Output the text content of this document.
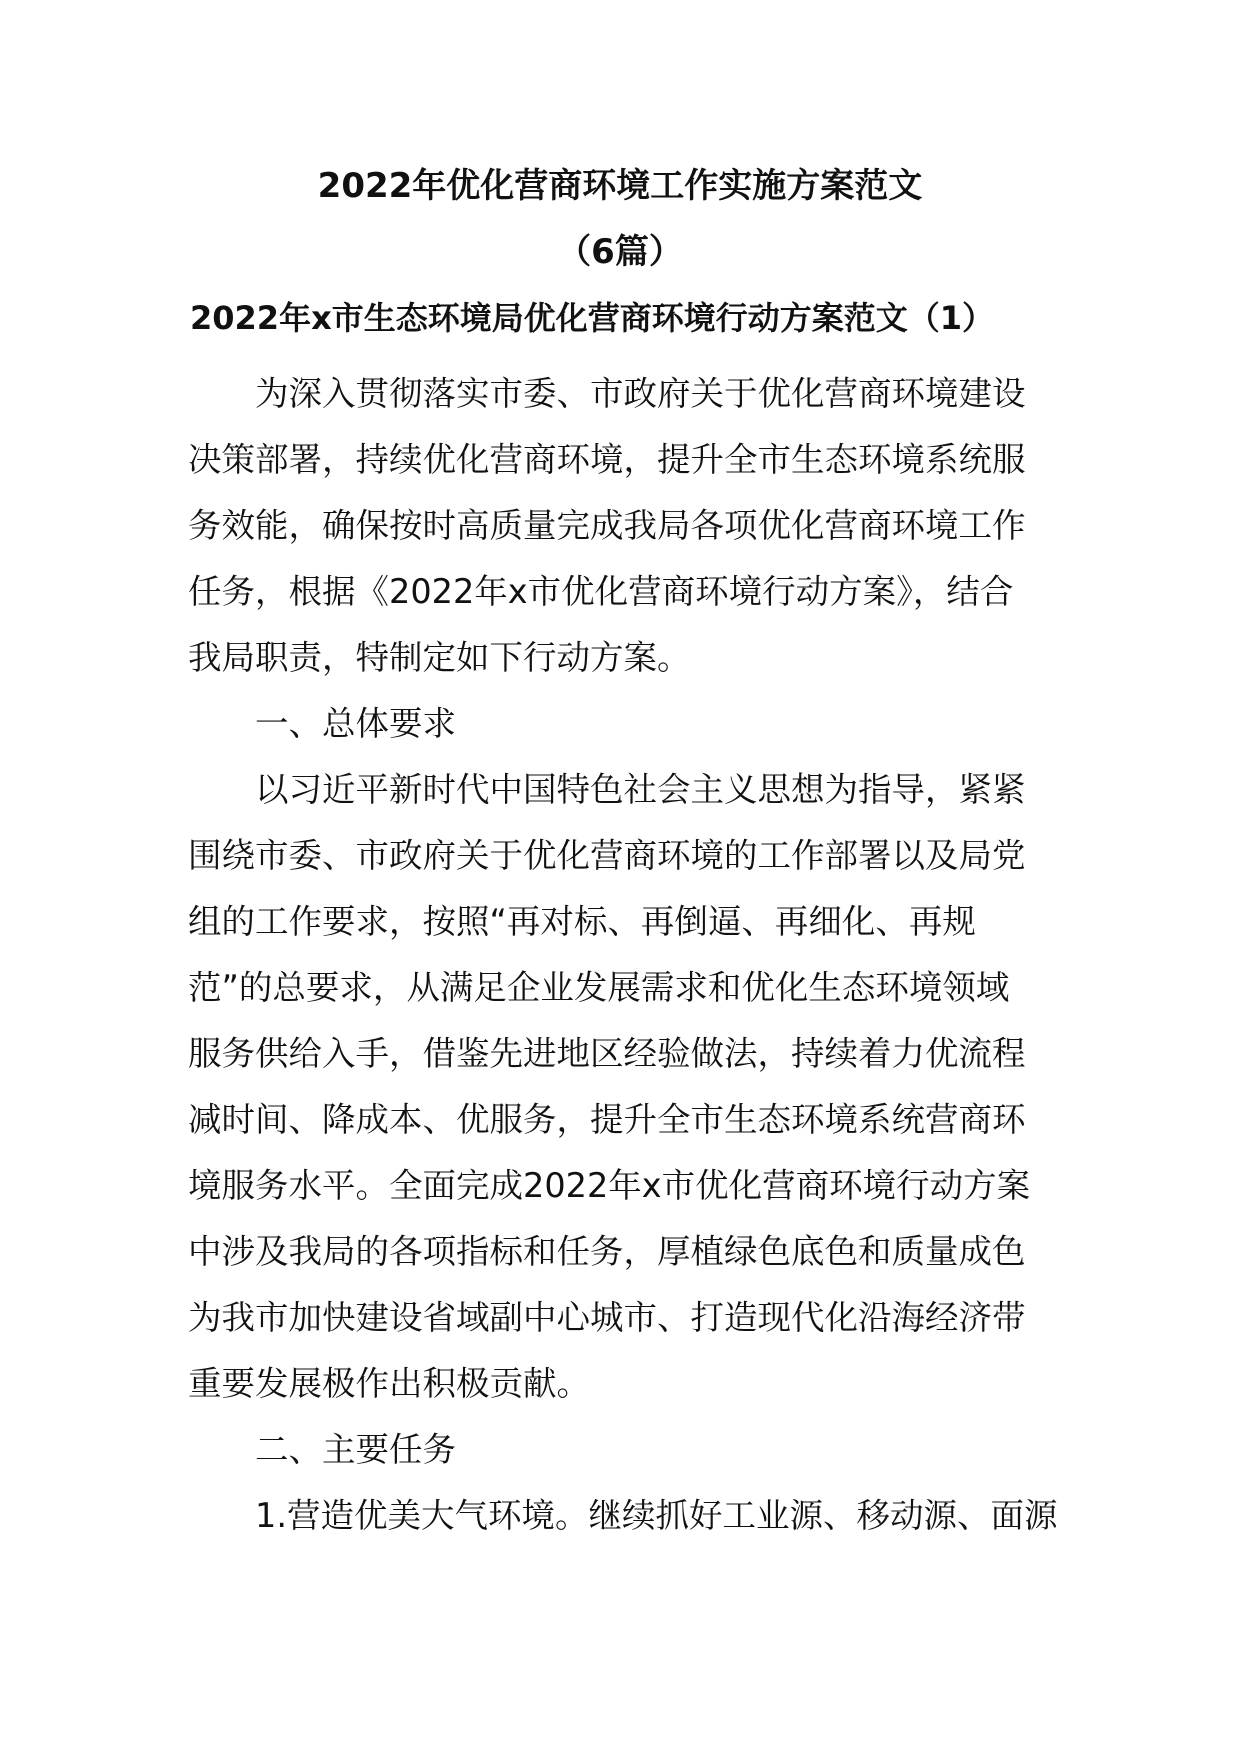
2022年优化营商环境工作实施方案范文
（6篇）
2022年x市生态环境局优化营商环境行动方案范文（1）
　　为深入贯彻落实市委、市政府关于优化营商环境建设
决策部署，持续优化营商环境，提升全市生态环境系统服
务效能，确保按时高质量完成我局各项优化营商环境工作
任务，根据《2022年x市优化营商环境行动方案》，结合
我局职责，特制定如下行动方案。
　　一、总体要求
　　以习近平新时代中国特色社会主义思想为指导，紧紧
围绕市委、市政府关于优化营商环境的工作部署以及局党
组的工作要求，按照“再对标、再倒逼、再细化、再规
范”的总要求，从满足企业发展需求和优化生态环境领域
服务供给入手，借鉴先进地区经验做法，持续着力优流程
减时间、降成本、优服务，提升全市生态环境系统营商环
境服务水平。全面完成2022年x市优化营商环境行动方案
中涉及我局的各项指标和任务，厚植绿色底色和质量成色
为我市加快建设省域副中心城市、打造现代化沿海经济带
重要发展极作出积极贡献。
　　二、主要任务
　　1.营造优美大气环境。继续抓好工业源、移动源、面源
